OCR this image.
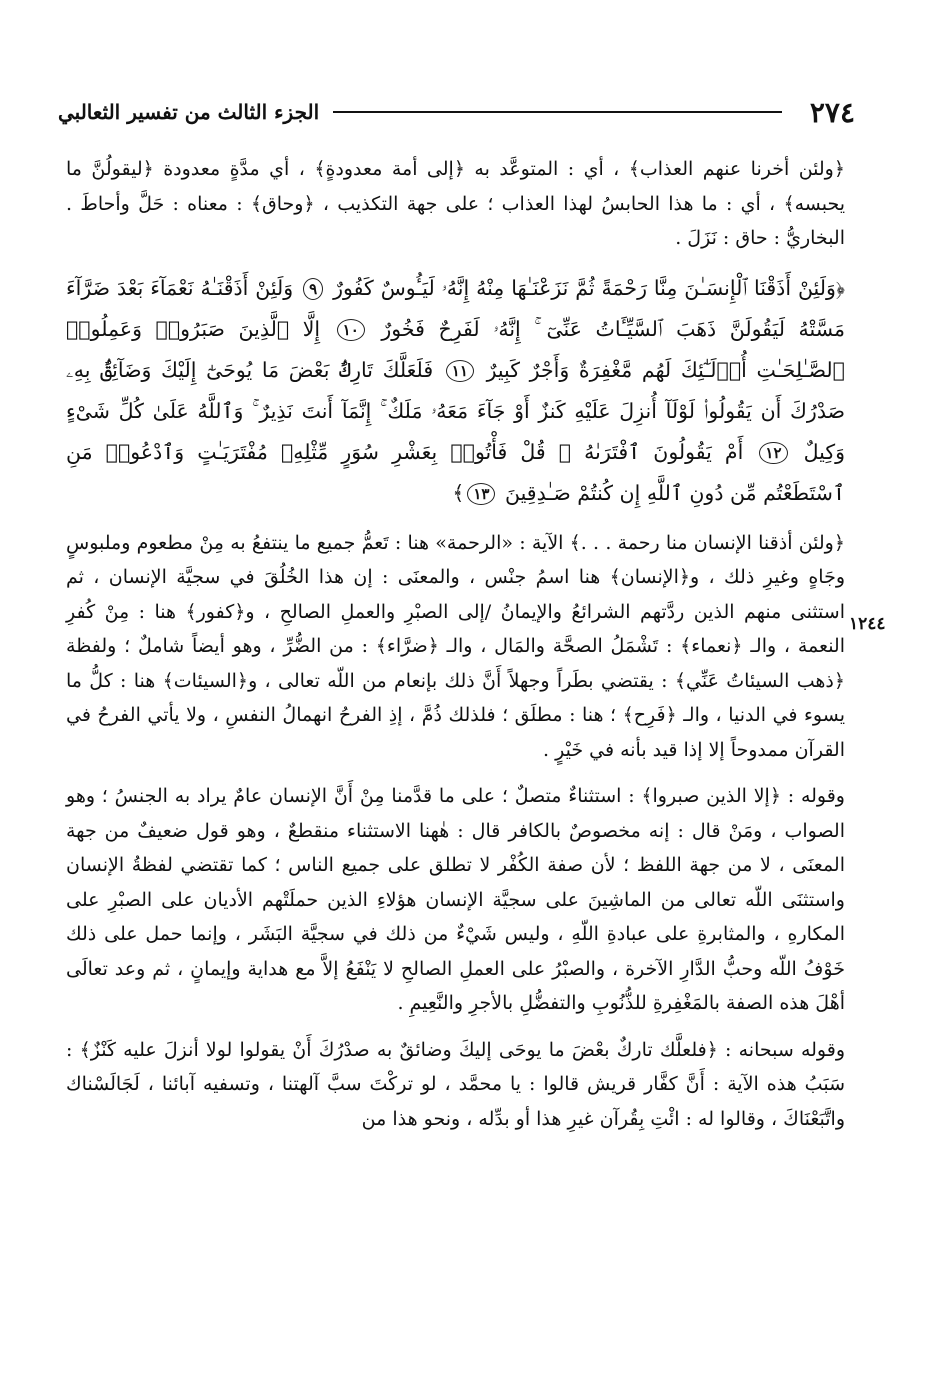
٢٧٤
الجزء الثالث من تفسير الثعالبي
١٢٤٤

﴿ولئن أخرنا عنهم العذاب﴾ ، أي : المتوعَّد به ﴿إلى أمة معدودةٍ﴾ ، أي مدَّةٍ معدودة ﴿ليقولُنَّ ما يحبسه﴾ ، أي : ما هذا الحابسُ لهذا العذاب ؛ على جهة التكذيب ، ﴿وحاق﴾ : معناه : حَلَّ وأحاطَ . البخاريُّ : حاق : نَزَلَ .

﴿وَلَئِنْ أَذَقْنَا ٱلْإِنسَـٰنَ مِنَّا رَحْمَةً ثُمَّ نَزَعْنَـٰهَا مِنْهُ إِنَّهُۥ لَيَـُٔوسٌ كَفُورٌ ٩ وَلَئِنْ أَذَقْنَـٰهُ نَعْمَآءَ بَعْدَ ضَرَّآءَ مَسَّتْهُ لَيَقُولَنَّ ذَهَبَ ٱلسَّيِّـَٔاتُ عَنِّىٓ ۚ إِنَّهُۥ لَفَرِحٌ فَخُورٌ ١٠ إِلَّا ٱلَّذِينَ صَبَرُوا۟ وَعَمِلُوا۟ ٱلصَّـٰلِحَـٰتِ أُو۟لَـٰٓئِكَ لَهُم مَّغْفِرَةٌ وَأَجْرٌ كَبِيرٌ ١١ فَلَعَلَّكَ تَارِكٌۢ بَعْضَ مَا يُوحَىٰٓ إِلَيْكَ وَضَآئِقٌۢ بِهِۦ صَدْرُكَ أَن يَقُولُوا۟ لَوْلَآ أُنزِلَ عَلَيْهِ كَنزٌ أَوْ جَآءَ مَعَهُۥ مَلَكٌ ۚ إِنَّمَآ أَنتَ نَذِيرٌ ۚ وَٱللَّهُ عَلَىٰ كُلِّ شَىْءٍ وَكِيلٌ ١٢ أَمْ يَقُولُونَ ٱفْتَرَىٰهُ ۖ قُلْ فَأْتُوا۟ بِعَشْرِ سُوَرٍ مِّثْلِهِۦ مُفْتَرَيَـٰتٍ وَٱدْعُوا۟ مَنِ ٱسْتَطَعْتُم مِّن دُونِ ٱللَّهِ إِن كُنتُمْ صَـٰدِقِينَ ١٣﴾

﴿ولئن أذقنا الإنسان منا رحمة . . .﴾ الآية : «الرحمة» هنا : تَعمُّ جميع ما ينتفعُ به مِنْ مطعوم وملبوسٍ وجَاهٍ وغيرِ ذلك ، و﴿الإنسان﴾ هنا اسمُ جنْس ، والمعنَى : إن هذا الخُلُقَ في سجيَّة الإنسان ، ثم استثنى منهم الذين ردَّتهم الشرائعُ والإيمانُ /إلى الصبْرِ والعملِ الصالحِ ، و﴿كفور﴾ هنا : مِنْ كُفرِ النعمة ، والـ ﴿نعماء﴾ : تَشْمَلُ الصحَّة والمَال ، والـ ﴿ضرَّاء﴾ : من الضُّرِّ ، وهو أيضاً شاملٌ ؛ ولفظة ﴿ذهب السيئاتُ عَنِّي﴾ : يقتضي بطَراً وجهلاً أَنَّ ذلك بإنعام من اللّه تعالى ، و﴿السيئات﴾ هنا : كلُّ ما يسوء في الدنيا ، والـ ﴿فَرِح﴾ ؛ هنا : مطلَق ؛ فلذلك ذُمَّ ، إذِ الفرحُ انهمالُ النفسِ ، ولا يأتي الفرحُ في القرآن ممدوحاً إلا إذا قيد بأنه في خَيْرٍ .

وقوله : ﴿إلا الذين صبروا﴾ : استثناءٌ متصلٌ ؛ على ما قدَّمنا مِنْ أَنَّ الإنسان عامٌ يراد به الجنسُ ؛ وهو الصواب ، ومَنْ قال : إنه مخصوصٌ بالكافر قال : هٰهنا الاستثناء منقطعٌ ، وهو قول ضعيفٌ من جهة المعنَى ، لا من جهة اللفظ ؛ لأن صفة الكُفْر لا تطلق على جميع الناس ؛ كما تقتضي لفظةُ الإنسان واستثنَى اللّه تعالى من الماشِينَ على سجيَّة الإنسان هؤلاءِ الذين حملَتْهم الأديان على الصبْرِ على المكارهِ ، والمثابرةِ على عبادةِ اللّهِ ، وليس شَيْءٌ من ذلك في سجيَّة البَشَر ، وإنما حمل على ذلك خَوْفُ اللّه وحبُّ الدَّارِ الآخرة ، والصبْرُ على العملِ الصالحِ لا يَنْفَعُ إلاَّ مع هداية وإيمانٍ ، ثم وعد تعالَى أهْلَ هذه الصفة بالمَغْفِرةِ للذُّنُوبِ والتفضُّلِ بالأجرِ والنَّعِيمِ .

وقوله سبحانه : ﴿فلعلَّك تاركٌ بعْضَ ما يوحَى إليكَ وضائقٌ به صدْرُكَ أَنْ يقولوا لولا أنزلَ عليه كَنْزٌ﴾ : سَبَبُ هذه الآية : أَنَّ كفَّار قريش قالوا : يا محمَّد ، لو تركْتَ سبَّ آلهتنا ، وتسفيه آبائنا ، لَجَالَسْناك واتَّبَعْنَاكَ ، وقالوا له : ائْتِ بِقُرآن غيرِ هذا أو بدِّله ، ونحو هذا من
